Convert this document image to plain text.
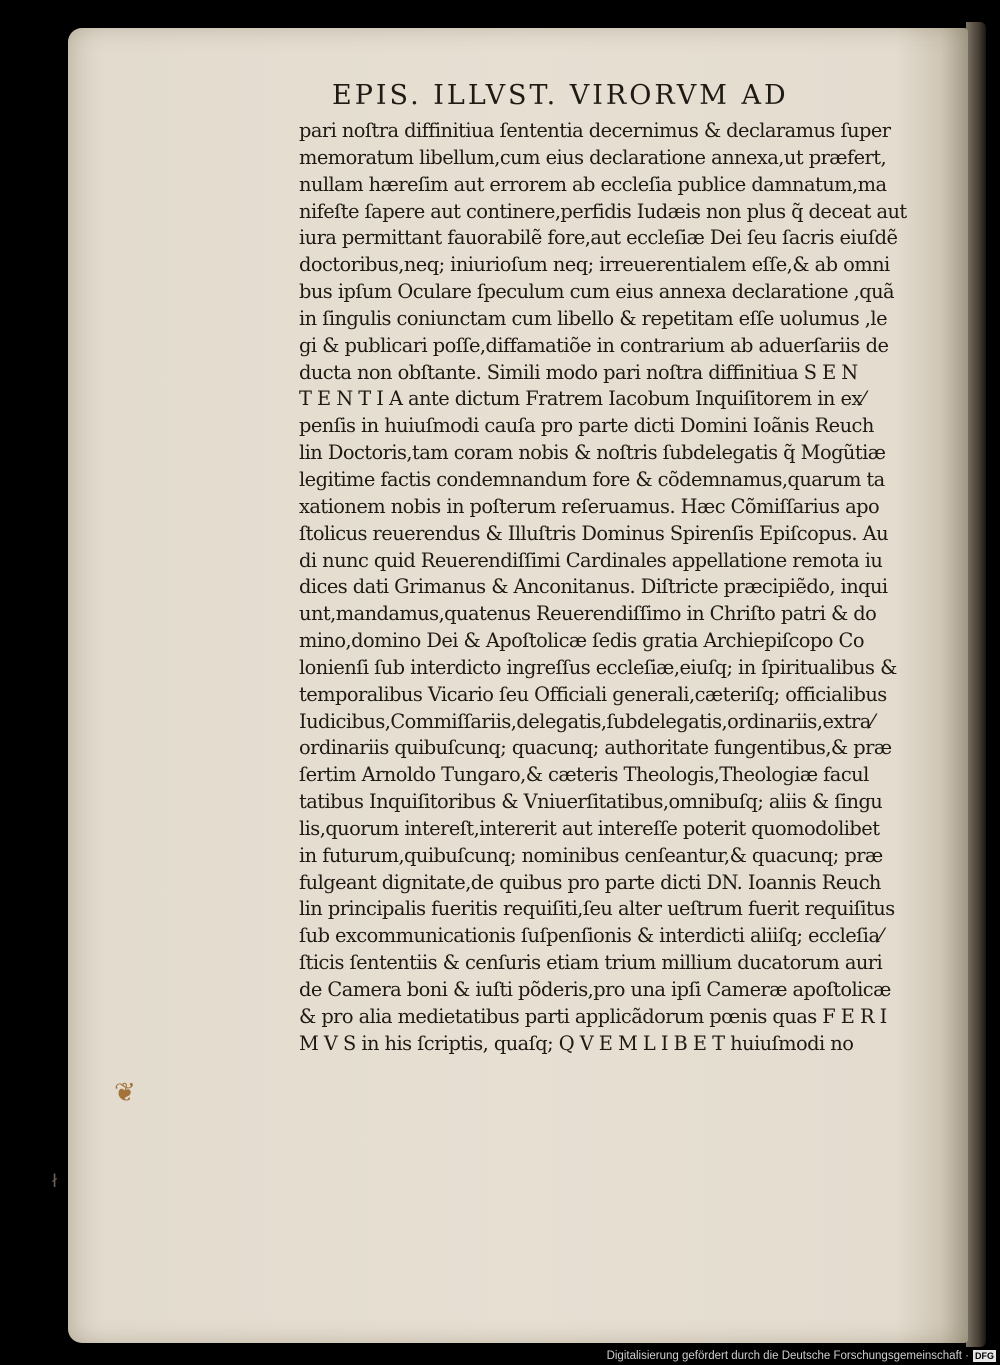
EPIS. ILLVST. VIRORVM AD
pari noſtra diffinitiua ſententia decernimus & declaramus ſuper
memoratum libellum,cum eius declaratione annexa,ut præfert,
nullam hæreſim aut errorem ab eccleſia publice damnatum,ma
nifeſte ſapere aut continere,perfidis Iudæis non plus q̃ deceat aut
iura permittant fauorabilẽ fore,aut eccleſiæ Dei ſeu ſacris eiuſdẽ
doctoribus,neq; iniurioſum neq; irreuerentialem eſſe,& ab omni
bus ipſum Oculare ſpeculum cum eius annexa declaratione ,quã
in ſingulis coniunctam cum libello & repetitam eſſe uolumus ,le
gi & publicari poſſe,diffamatiõe in contrarium ab aduerſariis de
ducta non obſtante. Simili modo pari noſtra diffinitiua S E N
T E N T I A ante dictum Fratrem Iacobum Inquiſitorem in ex⁄
penſis in huiuſmodi cauſa pro parte dicti Domini Ioãnis Reuch
lin Doctoris,tam coram nobis & noſtris ſubdelegatis q̃ Mogũtiæ
legitime factis condemnandum fore & cõdemnamus,quarum ta
xationem nobis in poſterum reſeruamus. Hæc Cõmiſſarius apo
ſtolicus reuerendus & Illuſtris Dominus Spirenſis Epiſcopus. Au
di nunc quid Reuerendiſſimi Cardinales appellatione remota iu
dices dati Grimanus & Anconitanus. Diſtricte præcipiẽdo, inqui
unt,mandamus,quatenus Reuerendiſſimo in Chriſto patri & do
mino,domino Dei & Apoſtolicæ ſedis gratia Archiepiſcopo Co
lonienſi ſub interdicto ingreſſus eccleſiæ,eiuſq; in ſpiritualibus &
temporalibus Vicario ſeu Officiali generali,cæteriſq; officialibus
Iudicibus,Commiſſariis,delegatis,ſubdelegatis,ordinariis,extra⁄
ordinariis quibuſcunq; quacunq; authoritate fungentibus,& præ
ſertim Arnoldo Tungaro,& cæteris Theologis,Theologiæ facul
tatibus Inquiſitoribus & Vniuerſitatibus,omnibuſq; aliis & ſingu
lis,quorum intereſt,intererit aut intereſſe poterit quomodolibet
in futurum,quibuſcunq; nominibus cenſeantur,& quacunq; præ
fulgeant dignitate,de quibus pro parte dicti DN. Ioannis Reuch
lin principalis fueritis requiſiti,ſeu alter ueſtrum fuerit requiſitus
ſub excommunicationis ſuſpenſionis & interdicti aliiſq; eccleſia⁄
ſticis ſententiis & cenſuris etiam trium millium ducatorum auri
de Camera boni & iuſti põderis,pro una ipſi Cameræ apoſtolicæ
& pro alia medietatibus parti applicãdorum pœnis quas F E R I
M V S in his ſcriptis, quaſq; Q V E M L I B E T huiuſmodi no
❦
ł
Digitalisierung gefördert durch die Deutsche Forschungsgemeinschaft · DFG
